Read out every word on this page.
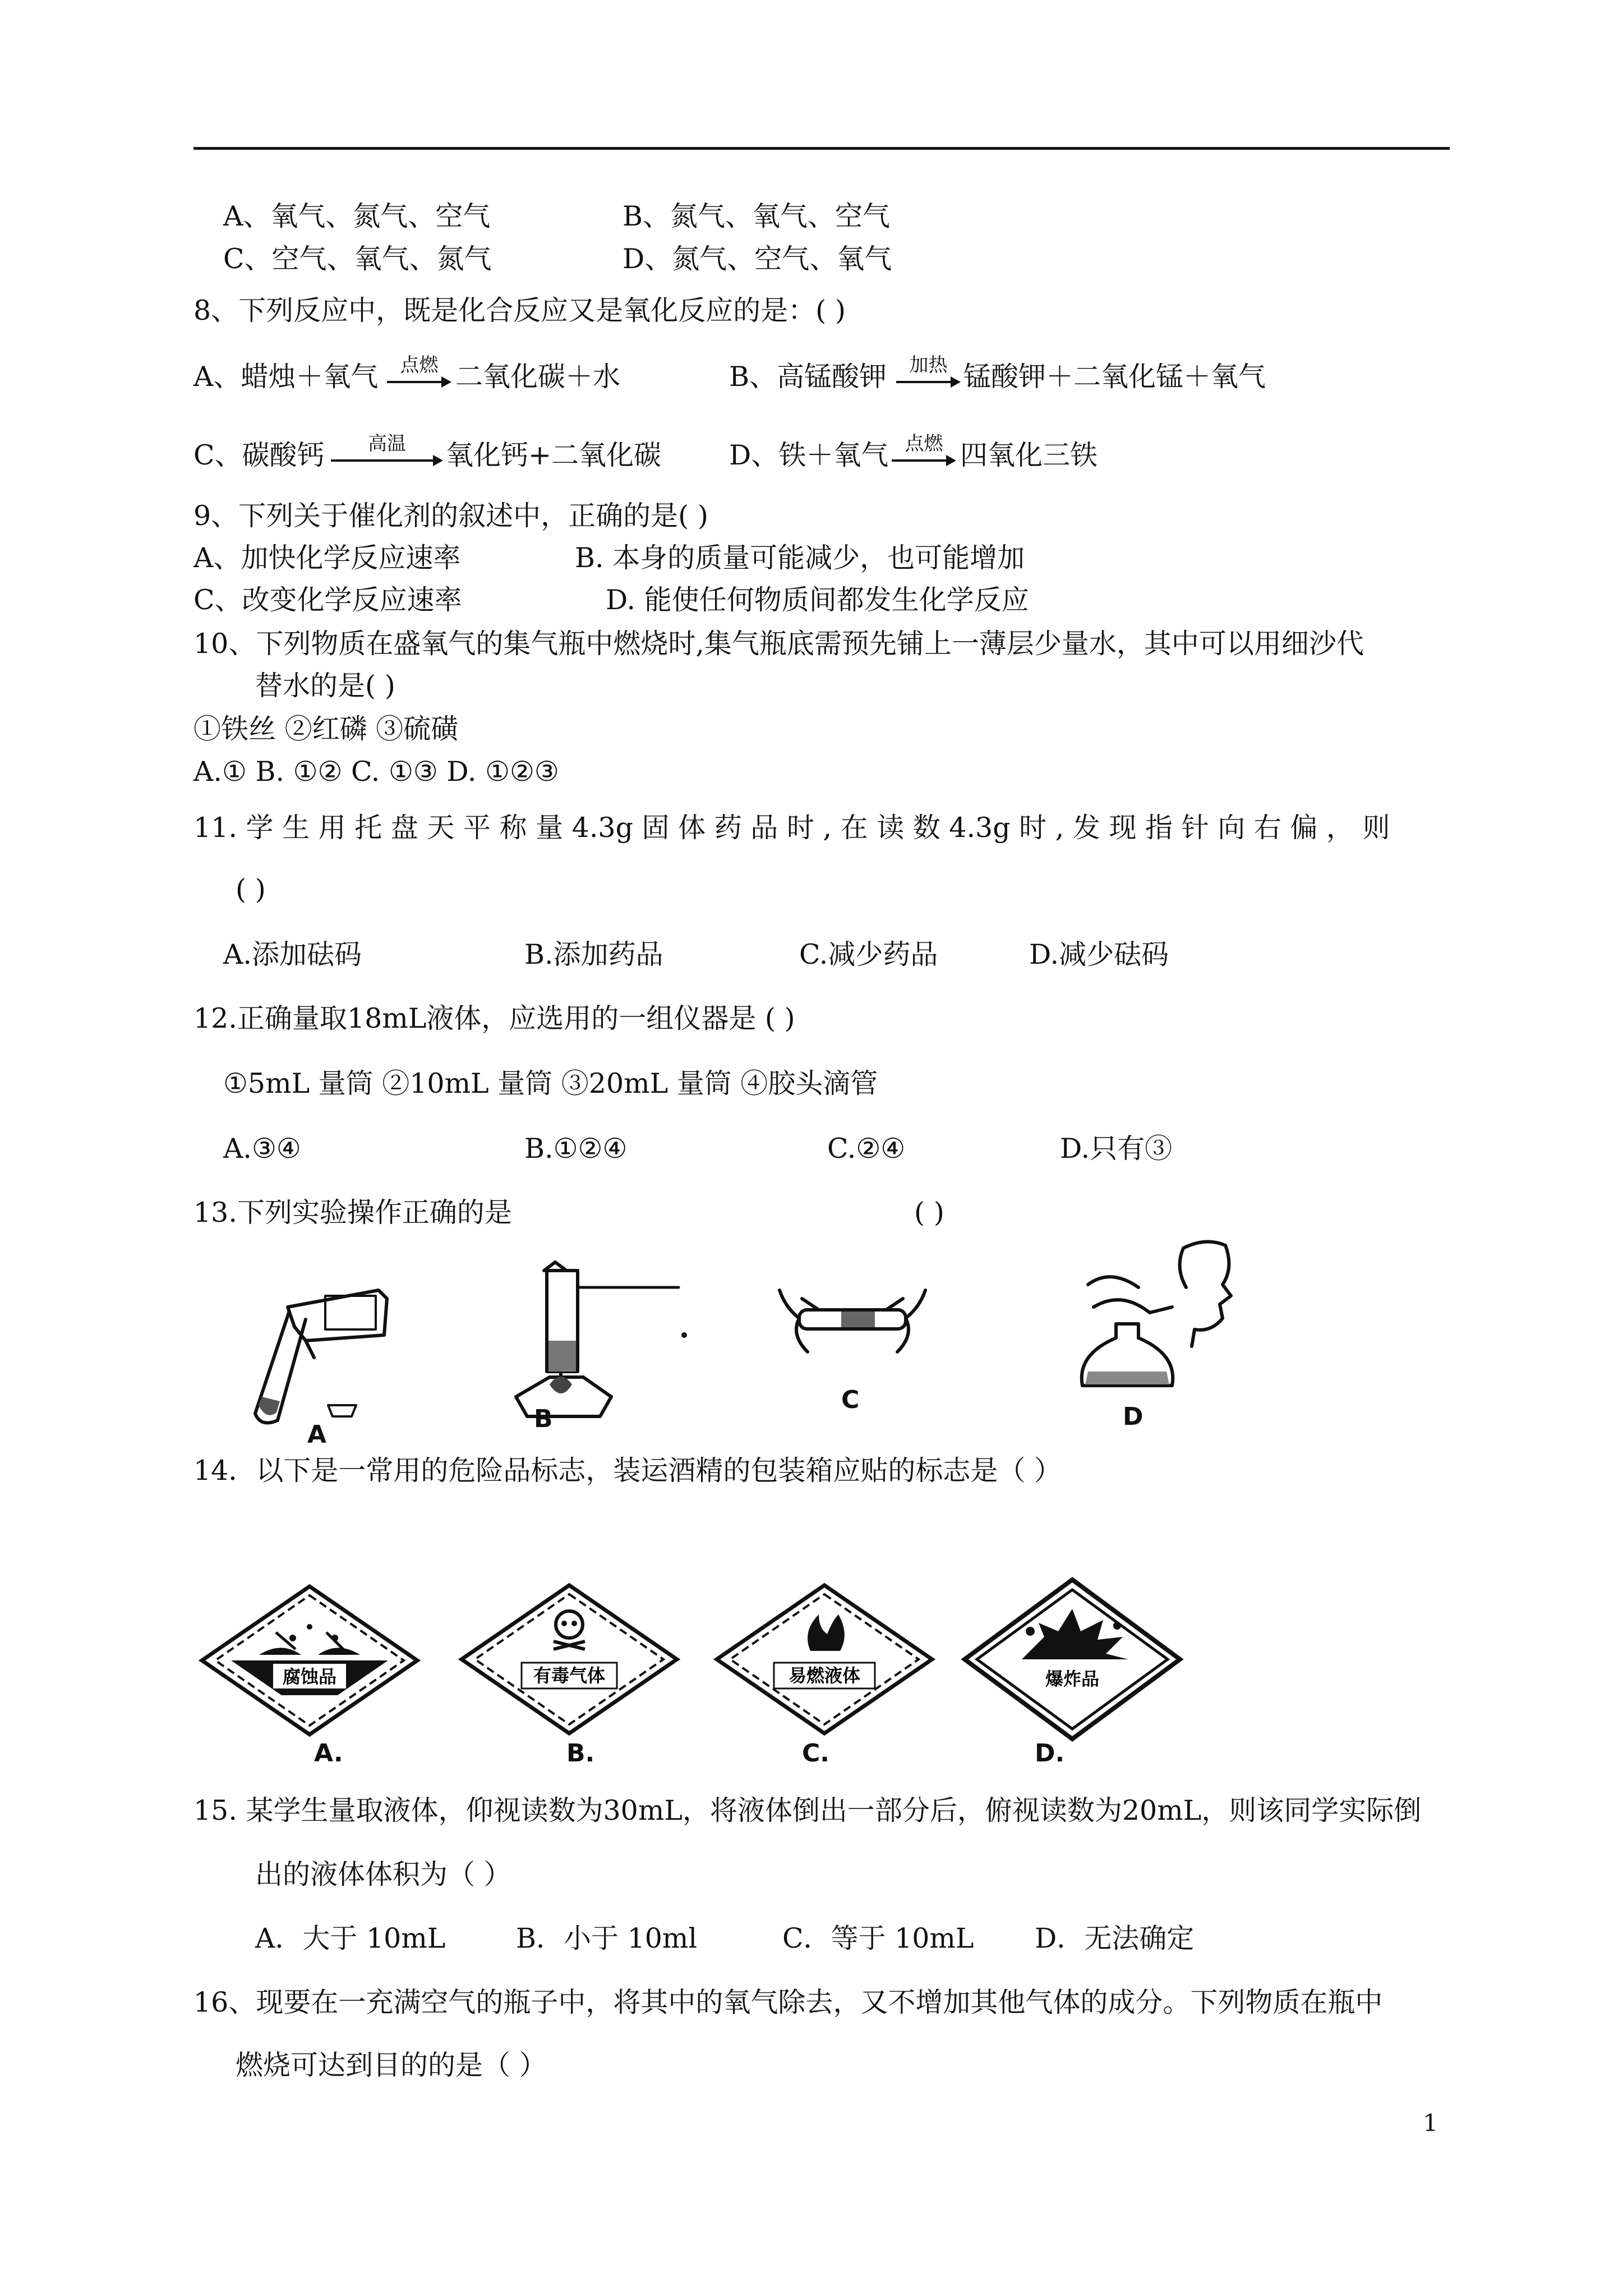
A、氧气、氮气、空气	B、氮气、氧气、空气
C、空气、氧气、氮气	D、氮气、空气、氧气
8、下列反应中，既是化合反应又是氧化反应的是：( )
A、蜡烛＋氧气	点燃 二氧化碳＋水	B、高锰酸钾	加热 锰酸钾＋二氧化锰＋氧气
C、碳酸钙	高温	氧化钙+二氧化碳 D、铁＋氧气 点燃 四氧化三铁
9、下列关于催化剂的叙述中，正确的是( )
A、加快化学反应速率	B. 本身的质量可能减少，也可能增加
C、改变化学反应速率	D. 能使任何物质间都发生化学反应
10、下列物质在盛氧气的集气瓶中燃烧时,集气瓶底需预先铺上一薄层少量水，其中可以用细沙代
替水的是( )
①铁丝 ②红磷 ③硫磺
A.① B. ①② C. ①③ D. ①②③
11. 学 生 用 托 盘 天 平 称 量 4.3g 固 体 药 品 时 , 在 读 数 4.3g 时 , 发 现 指 针 向 右 偏 ， 则
( )
A.添加砝码	B.添加药品	C.减少药品	D.减少砝码
12.正确量取18mL液体，应选用的一组仪器是 ( )
①5mL 量筒 ②10mL 量筒 ③20mL 量筒 ④胶头滴管
A.③④	B.①②④	C.②④	D.只有③
13.下列实验操作正确的是	( )
A
B
C
D
14．以下是一常用的危险品标志，装运酒精的包装箱应贴的标志是（ ）
腐蚀品
A.
有毒气体
B.
易燃液体
C.
爆炸品
D.
15. 某学生量取液体，仰视读数为30mL，将液体倒出一部分后，俯视读数为20mL，则该同学实际倒
出的液体体积为（ ）
A．大于 10mL	B．小于 10ml	C．等于 10mL D．无法确定
16、现要在一充满空气的瓶子中，将其中的氧气除去，又不增加其他气体的成分。下列物质在瓶中
燃烧可达到目的的是（ ）
1
